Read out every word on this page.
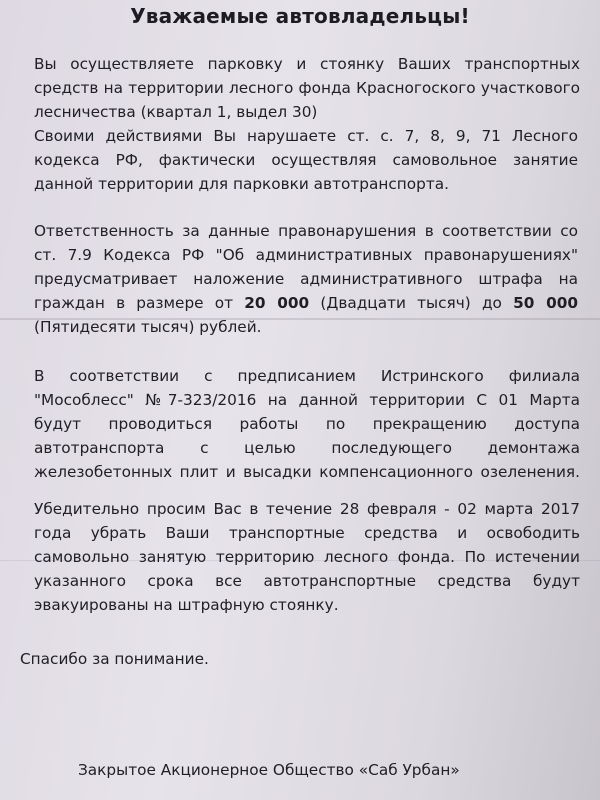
Уважаемые автовладельцы!
Вы осуществляете парковку и стоянку Ваших транспортных
средств на территории лесного фонда Красногоского участкового
лесничества (квартал 1, выдел 30)
Своими действиями Вы нарушаете ст. с. 7, 8, 9, 71 Лесного
кодекса РФ, фактически осуществляя самовольное занятие
данной территории для парковки автотранспорта.
Ответственность за данные правонарушения в соответствии со
ст. 7.9 Кодекса РФ "Об административных правонарушениях"
предусматривает наложение административного штрафа на
граждан в размере от 20 000 (Двадцати тысяч) до 50 000
(Пятидесяти тысяч) рублей.
В соответствии с предписанием Истринского филиала
"Мособлесс" №7-323/2016 на данной территории С 01 Марта
будут проводиться работы по прекращению доступа
автотранспорта с целью последующего демонтажа
железобетонных плит и высадки компенсационного озеленения.
Убедительно просим Вас в течение 28 февраля - 02 марта 2017
года убрать Ваши транспортные средства и освободить
самовольно занятую территорию лесного фонда. По истечении
указанного срока все автотранспортные средства будут
эвакуированы на штрафную стоянку.
Спасибо за понимание.
Закрытое Акционерное Общество «Саб Урбан»
